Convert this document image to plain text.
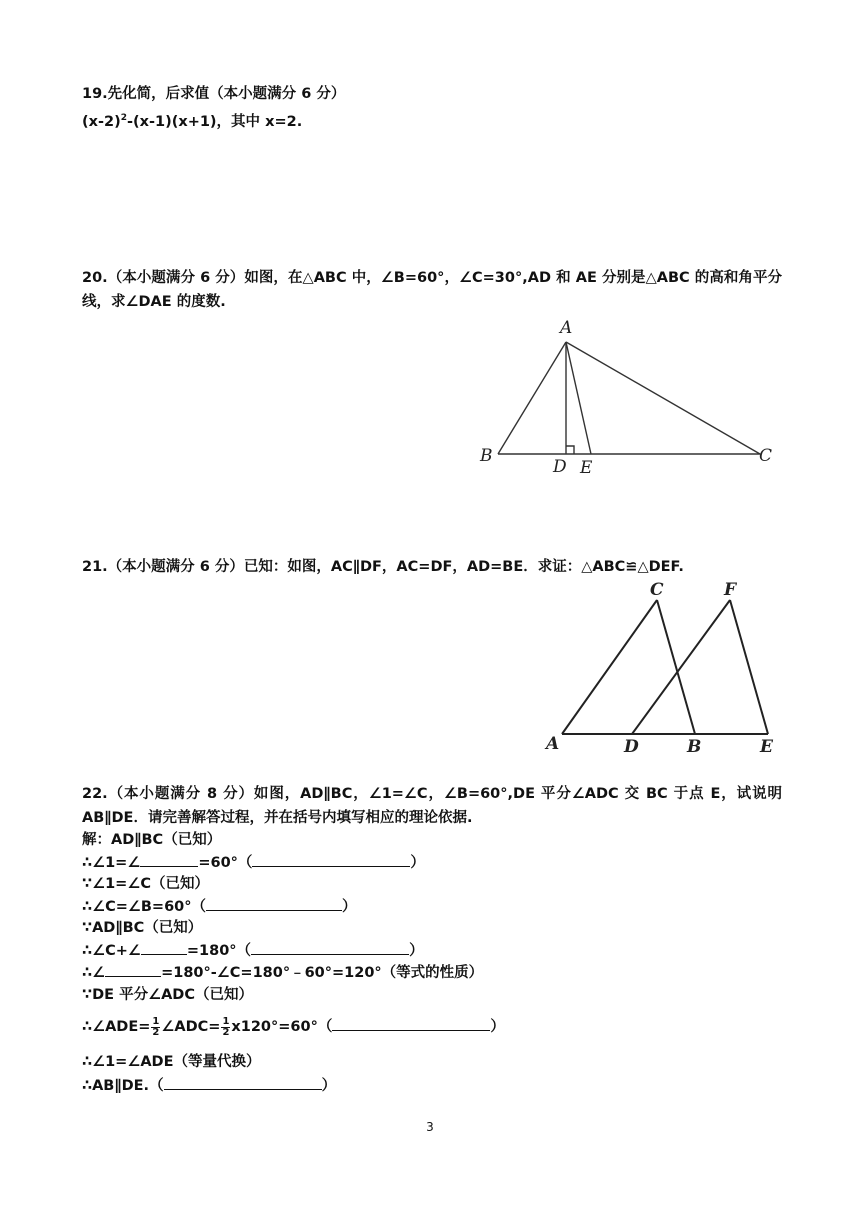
19.先化简，后求值（本小题满分 6 分）
$(x-2)^2-(x-1)(x+1)$，其中 x=2.
20.（本小题满分 6 分）如图，在△ABC 中，∠B=60°，∠C=30°,AD 和 AE 分别是△ABC 的高和角平分线，求∠DAE 的度数.
A
B	C
D E
21.（本小题满分 6 分）已知：如图，AC∥DF，AC=DF，AD=BE．求证：△ABC≌△DEF.
A
C
D	B
F
E
22.（本小题满分 8 分）如图，AD∥BC，∠1=∠C，∠B=60°,DE 平分∠ADC 交 BC 于点 E，试说明 AB∥DE．请完善解答过程，并在括号内填写相应的理论依据.
解：AD∥BC（已知）
∴∠1=∠	=60°（	）
∵∠1=∠C（已知）
∴∠C=∠B=60°（	）
∵AD∥BC（已知）
∴∠C+∠	=180°（	）
∴∠	=180°-∠C=180°﹣60°=120°（等式的性质）
∵DE 平分∠ADC（已知）
∴∠ADE= $\frac{1}{2}$ ∠ADC= $\frac{1}{2} x120^\circ=60^\circ$（	）
∴∠1=∠ADE（等量代换）
∴AB∥DE.（	）
3
